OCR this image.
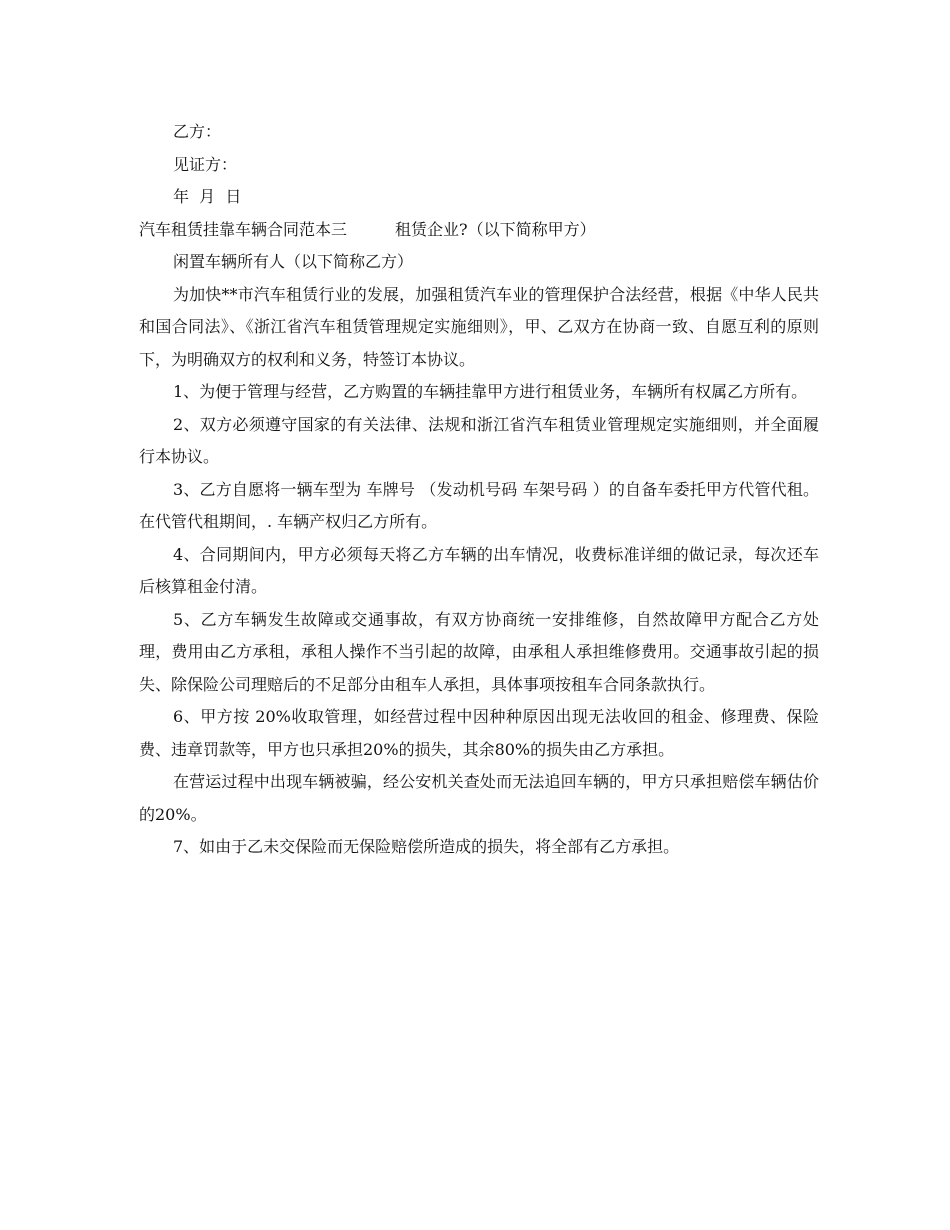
乙方：

见证方：

年  月  日

汽车租赁挂靠车辆合同范本三	租赁企业?（以下简称甲方）

闲置车辆所有人（以下简称乙方）

为加快**市汽车租赁行业的发展，加强租赁汽车业的管理保护合法经营，根据《中华人民共和国合同法》、《浙江省汽车租赁管理规定实施细则》，甲、乙双方在协商一致、自愿互利的原则下，为明确双方的权利和义务，特签订本协议。

1、为便于管理与经营，乙方购置的车辆挂靠甲方进行租赁业务，车辆所有权属乙方所有。

2、双方必须遵守国家的有关法律、法规和浙江省汽车租赁业管理规定实施细则，并全面履行本协议。

3、乙方自愿将一辆车型为 车牌号 （发动机号码 车架号码 ）的自备车委托甲方代管代租。在代管代租期间，. 车辆产权归乙方所有。

4、合同期间内，甲方必须每天将乙方车辆的出车情况，收费标准详细的做记录，每次还车后核算租金付清。

5、乙方车辆发生故障或交通事故，有双方协商统一安排维修，自然故障甲方配合乙方处理，费用由乙方承租，承租人操作不当引起的故障，由承租人承担维修费用。交通事故引起的损失、除保险公司理赔后的不足部分由租车人承担，具体事项按租车合同条款执行。

6、甲方按 20%收取管理，如经营过程中因种种原因出现无法收回的租金、修理费、保险费、违章罚款等，甲方也只承担20%的损失，其余80%的损失由乙方承担。

在营运过程中出现车辆被骗，经公安机关查处而无法追回车辆的，甲方只承担赔偿车辆估价的20%。

7、如由于乙未交保险而无保险赔偿所造成的损失，将全部有乙方承担。
